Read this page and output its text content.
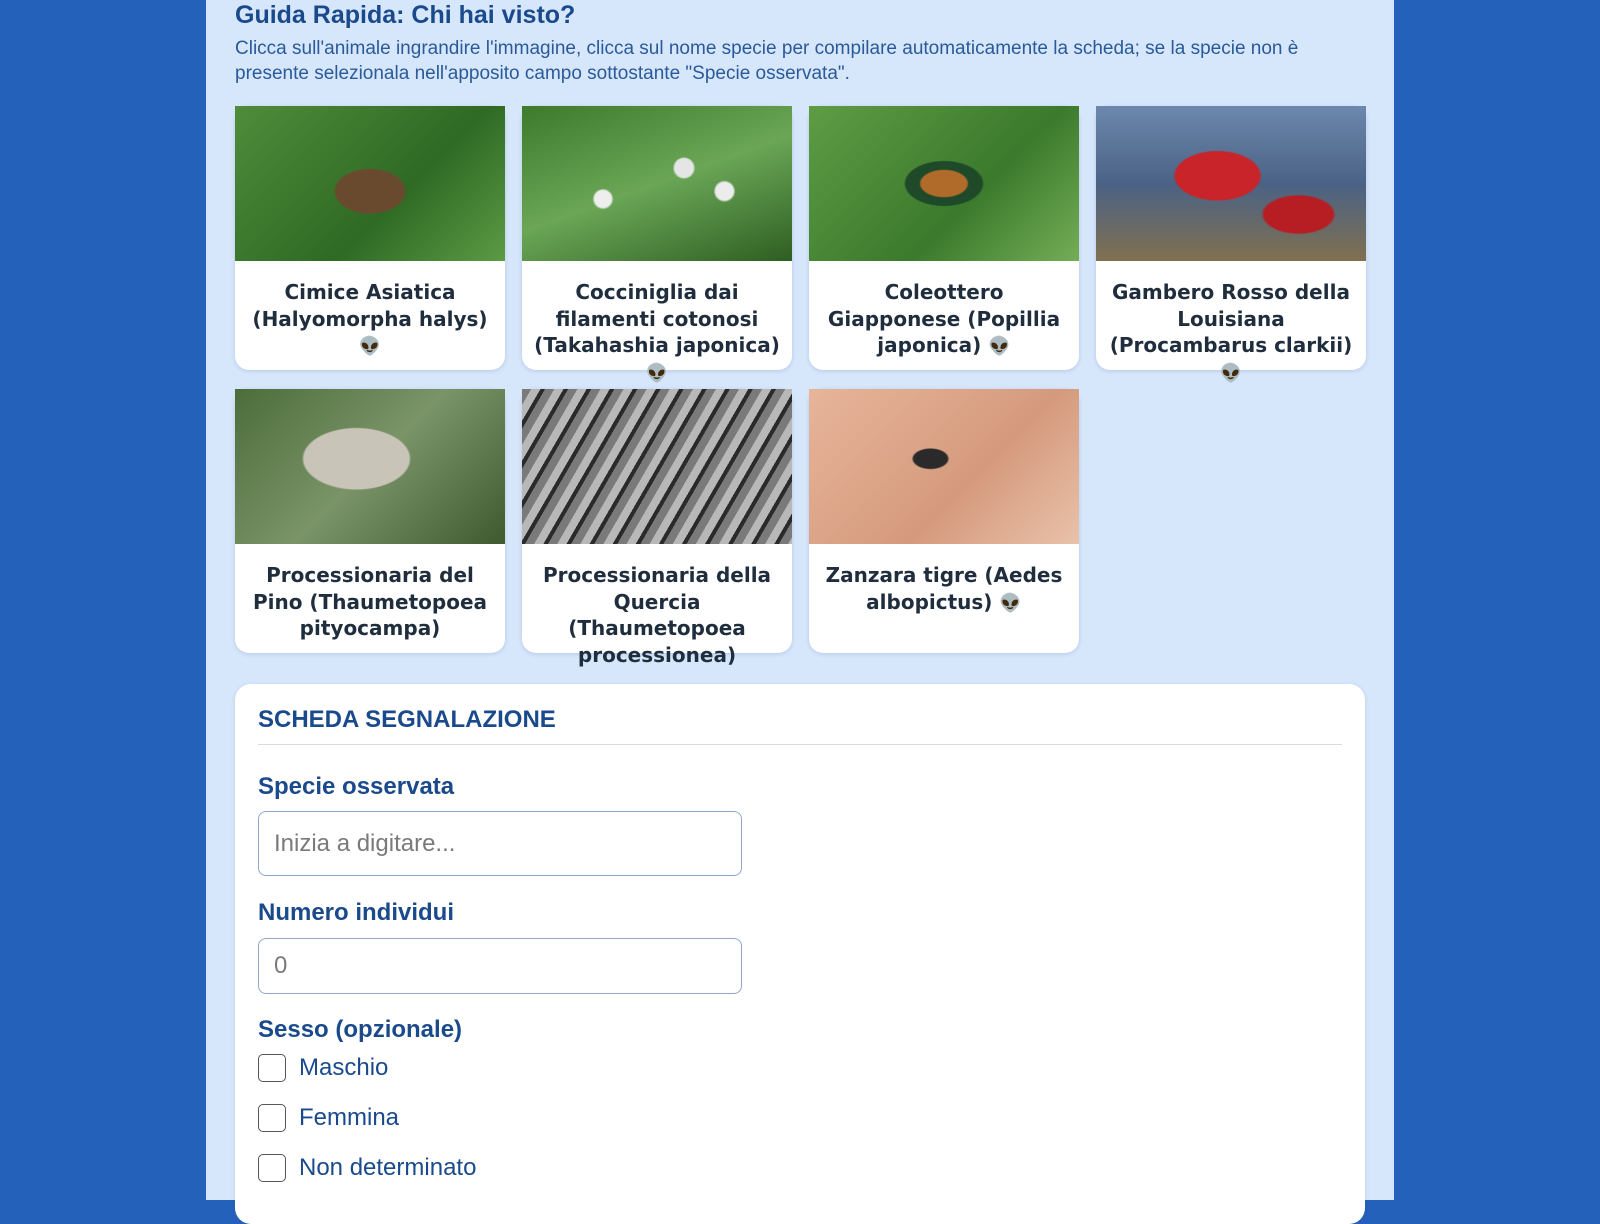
Guida Rapida: Chi hai visto?

Clicca sull'animale ingrandire l'immagine, clicca sul nome specie per compilare automaticamente la scheda; se la specie non è presente selezionala nell'apposito campo sottostante "Specie osservata".

Cimice Asiatica (Halyomorpha halys) 👽
Cocciniglia dai filamenti cotonosi (Takahashia japonica) 👽
Coleottero Giapponese (Popillia japonica) 👽
Gambero Rosso della Louisiana (Procambarus clarkii) 👽
Processionaria del Pino (Thaumetopoea pityocampa)
Processionaria della Quercia (Thaumetopoea processionea)
Zanzara tigre (Aedes albopictus) 👽
SCHEDA SEGNALAZIONE
Specie osservata
Inizia a digitare...
Numero individui
0
Sesso (opzionale)
Maschio
Femmina
Non determinato
